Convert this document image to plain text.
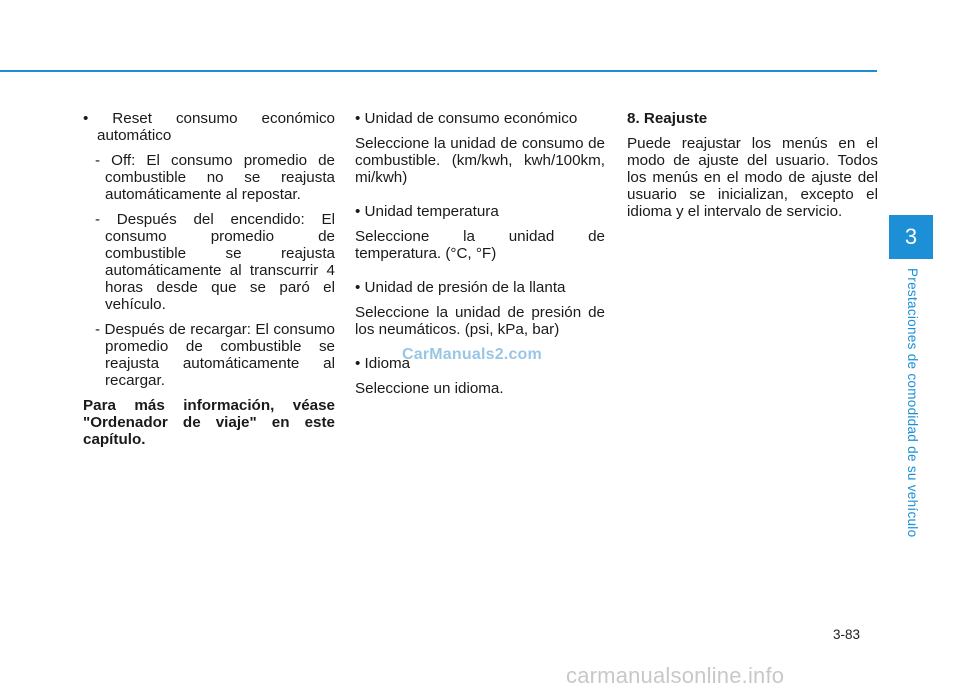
• Reset consumo económico automático
- Off: El consumo promedio de combustible no se reajusta automáticamente al repostar.
- Después del encendido: El consumo promedio de combustible se reajusta automáticamente al transcurrir 4 horas desde que se paró el vehículo.
- Después de recargar: El consumo promedio de combustible se reajusta automáticamente al recargar.
Para más información, véase "Ordenador de viaje" en este capítulo.
• Unidad de consumo económico
Seleccione la unidad de consumo de combustible. (km/kwh, kwh/100km, mi/kwh)
• Unidad temperatura
Seleccione la unidad de temperatura. (°C, °F)
• Unidad de presión de la llanta
Seleccione la unidad de presión de los neumáticos. (psi, kPa, bar)
• Idioma
Seleccione un idioma.
8. Reajuste
Puede reajustar los menús en el modo de ajuste del usuario. Todos los menús en el modo de ajuste del usuario se inicializan, excepto el idioma y el intervalo de servicio.
3
Prestaciones de comodidad de su vehículo
CarManuals2.com
3-83
carmanualsonline.info
